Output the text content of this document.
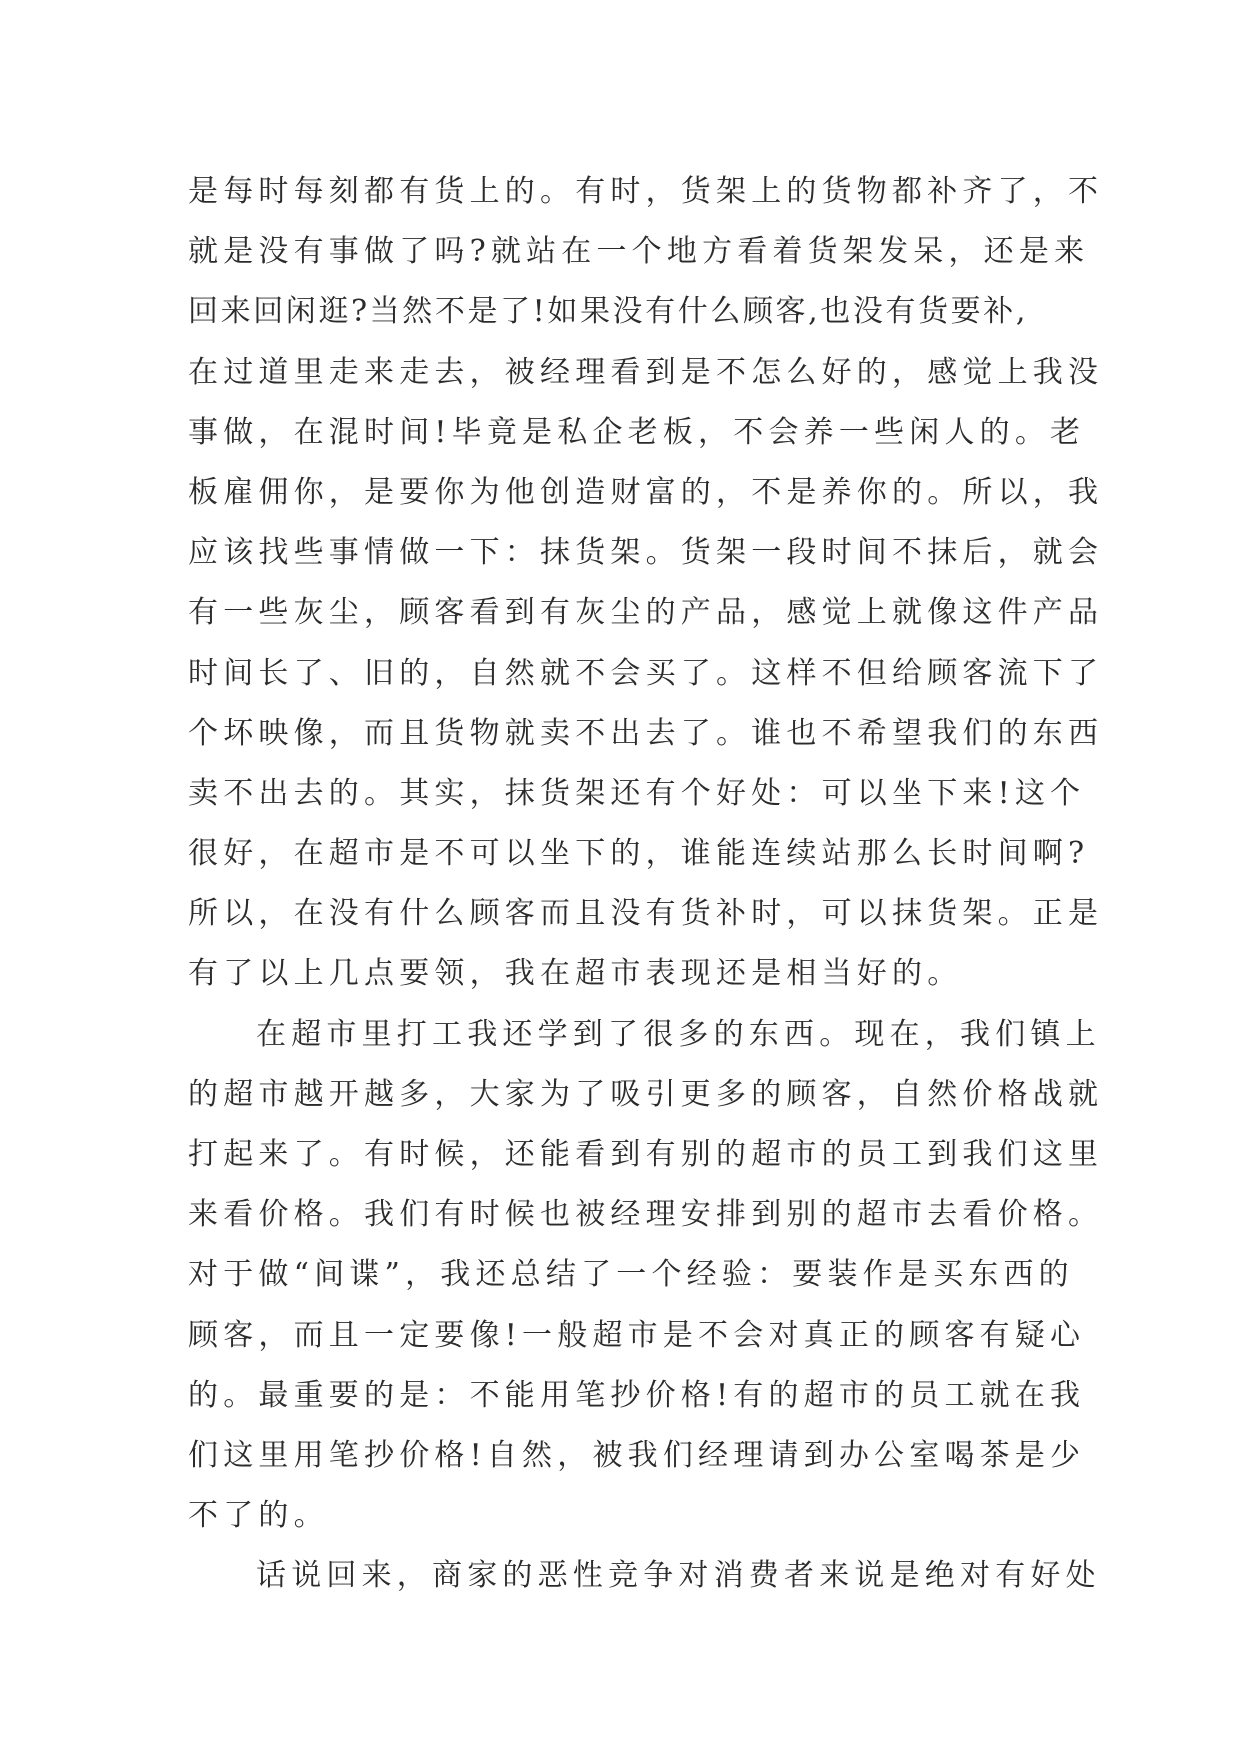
是每时每刻都有货上的。有时，货架上的货物都补齐了，不
就是没有事做了吗?就站在一个地方看着货架发呆，还是来
回来回闲逛?当然不是了!如果没有什么顾客,也没有货要补,
在过道里走来走去，被经理看到是不怎么好的，感觉上我没
事做，在混时间!毕竟是私企老板，不会养一些闲人的。老
板雇佣你，是要你为他创造财富的，不是养你的。所以，我
应该找些事情做一下：抹货架。货架一段时间不抹后，就会
有一些灰尘，顾客看到有灰尘的产品，感觉上就像这件产品
时间长了、旧的，自然就不会买了。这样不但给顾客流下了
个坏映像，而且货物就卖不出去了。谁也不希望我们的东西
卖不出去的。其实，抹货架还有个好处：可以坐下来!这个
很好，在超市是不可以坐下的，谁能连续站那么长时间啊?
所以，在没有什么顾客而且没有货补时，可以抹货架。正是
有了以上几点要领，我在超市表现还是相当好的。
在超市里打工我还学到了很多的东西。现在，我们镇上
的超市越开越多，大家为了吸引更多的顾客，自然价格战就
打起来了。有时候，还能看到有别的超市的员工到我们这里
来看价格。我们有时候也被经理安排到别的超市去看价格。
对于做“间谍”，我还总结了一个经验：要装作是买东西的
顾客，而且一定要像!一般超市是不会对真正的顾客有疑心
的。最重要的是：不能用笔抄价格!有的超市的员工就在我
们这里用笔抄价格!自然，被我们经理请到办公室喝茶是少
不了的。
话说回来，商家的恶性竞争对消费者来说是绝对有好处
